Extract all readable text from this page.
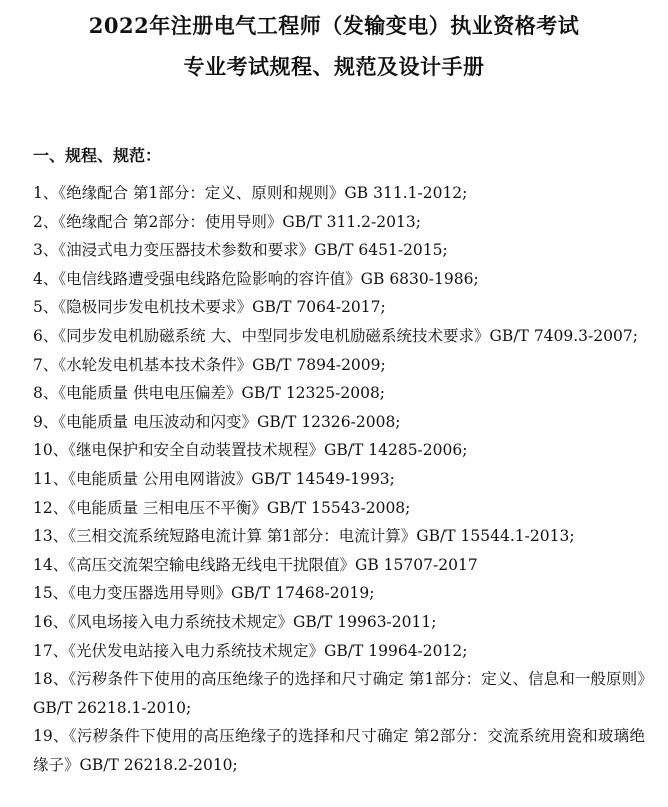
2022年注册电气工程师（发输变电）执业资格考试
专业考试规程、规范及设计手册
一、规程、规范：
1、《绝缘配合 第1部分：定义、原则和规则》GB 311.1-2012;
2、《绝缘配合 第2部分：使用导则》GB/T 311.2-2013;
3、《油浸式电力变压器技术参数和要求》GB/T 6451-2015;
4、《电信线路遭受强电线路危险影响的容许值》GB 6830-1986;
5、《隐极同步发电机技术要求》GB/T 7064-2017;
6、《同步发电机励磁系统 大、中型同步发电机励磁系统技术要求》GB/T 7409.3-2007;
7、《水轮发电机基本技术条件》GB/T 7894-2009;
8、《电能质量 供电电压偏差》GB/T 12325-2008;
9、《电能质量 电压波动和闪变》GB/T 12326-2008;
10、《继电保护和安全自动装置技术规程》GB/T 14285-2006;
11、《电能质量 公用电网谐波》GB/T 14549-1993;
12、《电能质量 三相电压不平衡》GB/T 15543-2008;
13、《三相交流系统短路电流计算 第1部分：电流计算》GB/T 15544.1-2013;
14、《高压交流架空输电线路无线电干扰限值》GB 15707-2017
15、《电力变压器选用导则》GB/T 17468-2019;
16、《风电场接入电力系统技术规定》GB/T 19963-2011;
17、《光伏发电站接入电力系统技术规定》GB/T 19964-2012;
18、《污秽条件下使用的高压绝缘子的选择和尺寸确定 第1部分：定义、信息和一般原则》GB/T 26218.1-2010;
19、《污秽条件下使用的高压绝缘子的选择和尺寸确定 第2部分：交流系统用瓷和玻璃绝缘子》GB/T 26218.2-2010;
